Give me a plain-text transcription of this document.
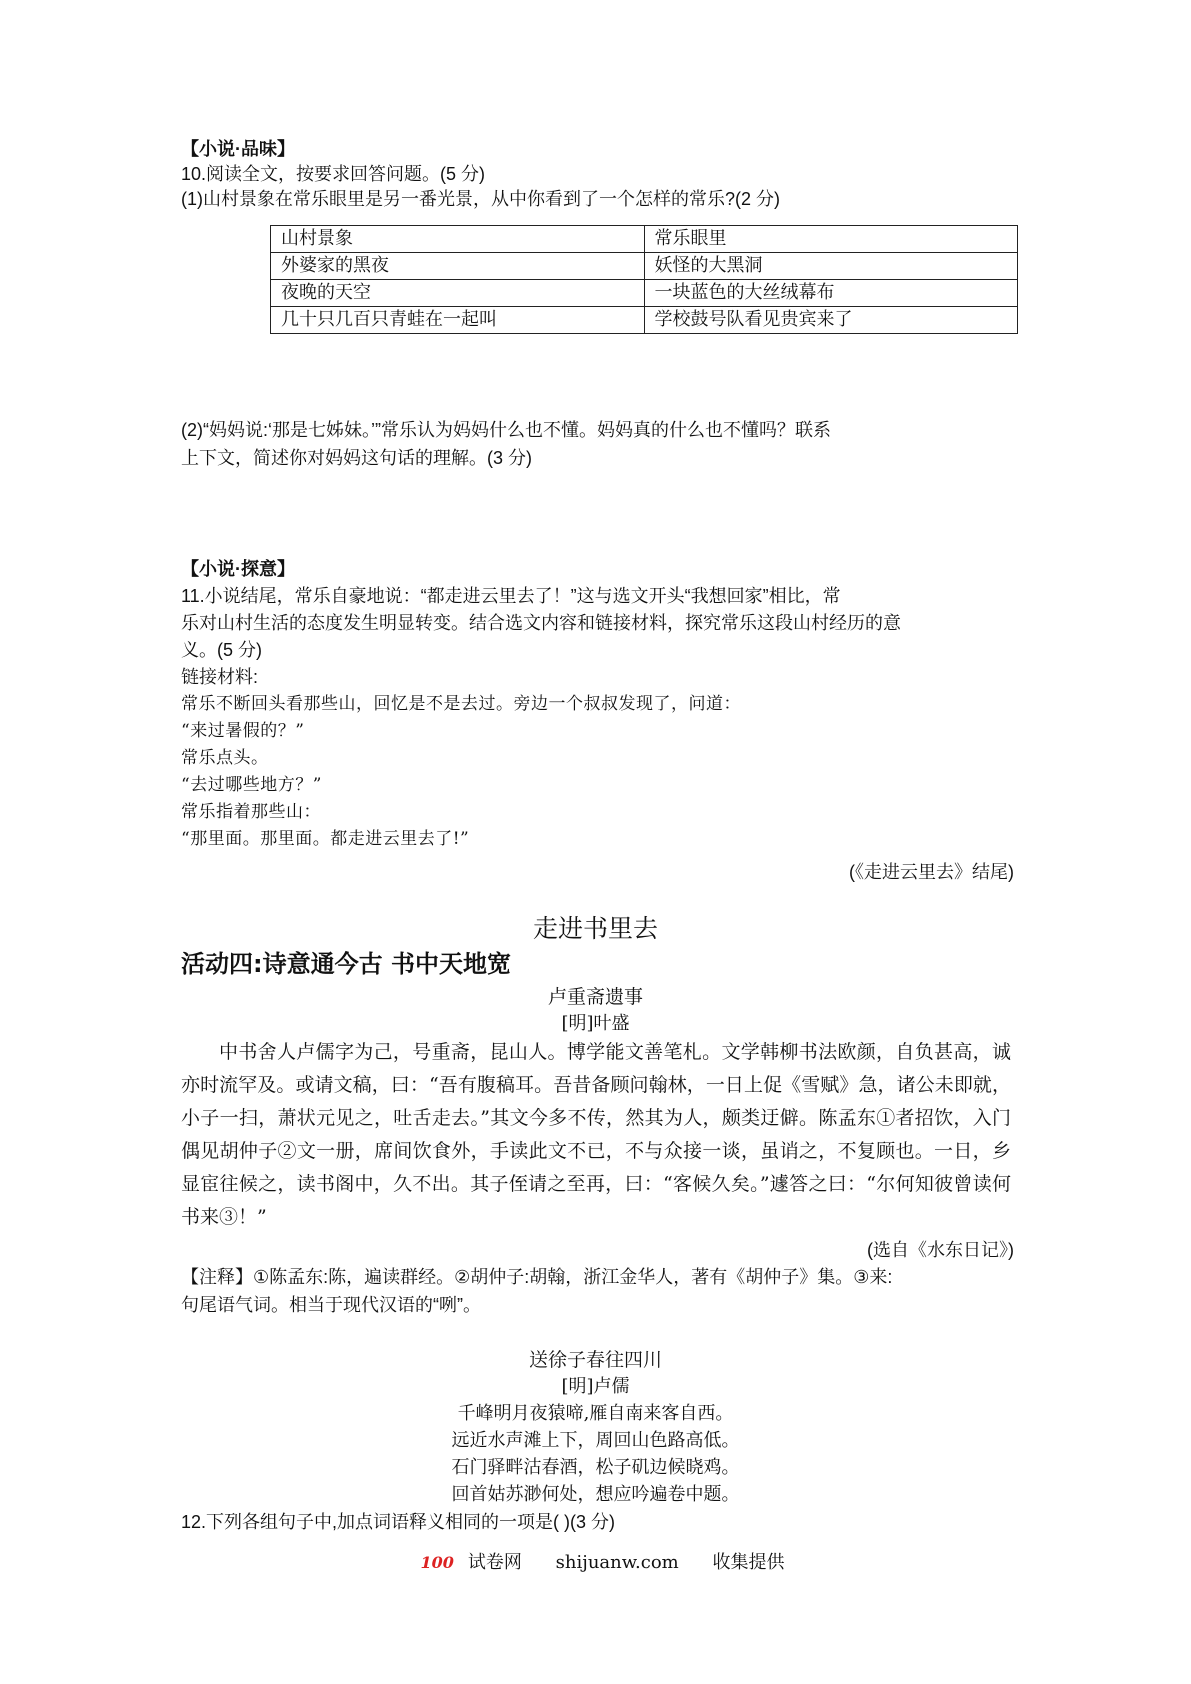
【小说·品味】
10.阅读全文，按要求回答问题。(5 分)
(1)山村景象在常乐眼里是另一番光景，从中你看到了一个怎样的常乐?(2 分)
山村景象	常乐眼里
外婆家的黑夜	妖怪的大黑洞
夜晚的天空	一块蓝色的大丝绒幕布
几十只几百只青蛙在一起叫	学校鼓号队看见贵宾来了
(2)“妈妈说:‘那是七姊妹。’”常乐认为妈妈什么也不懂。妈妈真的什么也不懂吗？联系
上下文，简述你对妈妈这句话的理解。(3 分)
【小说·探意】
11.小说结尾，常乐自豪地说：“都走进云里去了！”这与选文开头“我想回家”相比，常
乐对山村生活的态度发生明显转变。结合选文内容和链接材料，探究常乐这段山村经历的意
义。(5 分)
链接材料:
常乐不断回头看那些山，回忆是不是去过。旁边一个叔叔发现了，问道：
“来过暑假的？”
常乐点头。
“去过哪些地方？”
常乐指着那些山：
“那里面。那里面。都走进云里去了!”
(《走进云里去》结尾)
走进书里去
活动四:诗意通今古 书中天地宽
卢重斋遗事
[明]叶盛
中书舍人卢儒字为己，号重斋，昆山人。博学能文善笔札。文学韩柳书法欧颜，自负甚高，诚亦时流罕及。或请文稿，曰：“吾有腹稿耳。吾昔备顾问翰林，一日上促《雪赋》急，诸公未即就，小子一扫，萧状元见之，吐舌走去。”其文今多不传，然其为人，颇类迂僻。陈孟东①者招饮，入门偶见胡仲子②文一册，席间饮食外，手读此文不已，不与众接一谈，虽诮之，不复顾也。一日，乡显宦往候之，读书阁中，久不出。其子侄请之至再，曰：“客候久矣。”遽答之曰：“尔何知彼曾读何书来③！”
(选自《水东日记》)
【注释】①陈孟东:陈，遍读群经。②胡仲子:胡翰，浙江金华人，著有《胡仲子》集。③来:
句尾语气词。相当于现代汉语的“咧”。
送徐子春往四川
[明]卢儒
千峰明月夜猿啼,雁自南来客自西。
远近水声滩上下，周回山色路高低。
石门驿畔沽春酒，松子矶边候晓鸡。
回首姑苏渺何处，想应吟遍卷中题。
12.下列各组句子中,加点词语释义相同的一项是( )(3 分)
100 试卷网 shijuanw.com 收集提供
